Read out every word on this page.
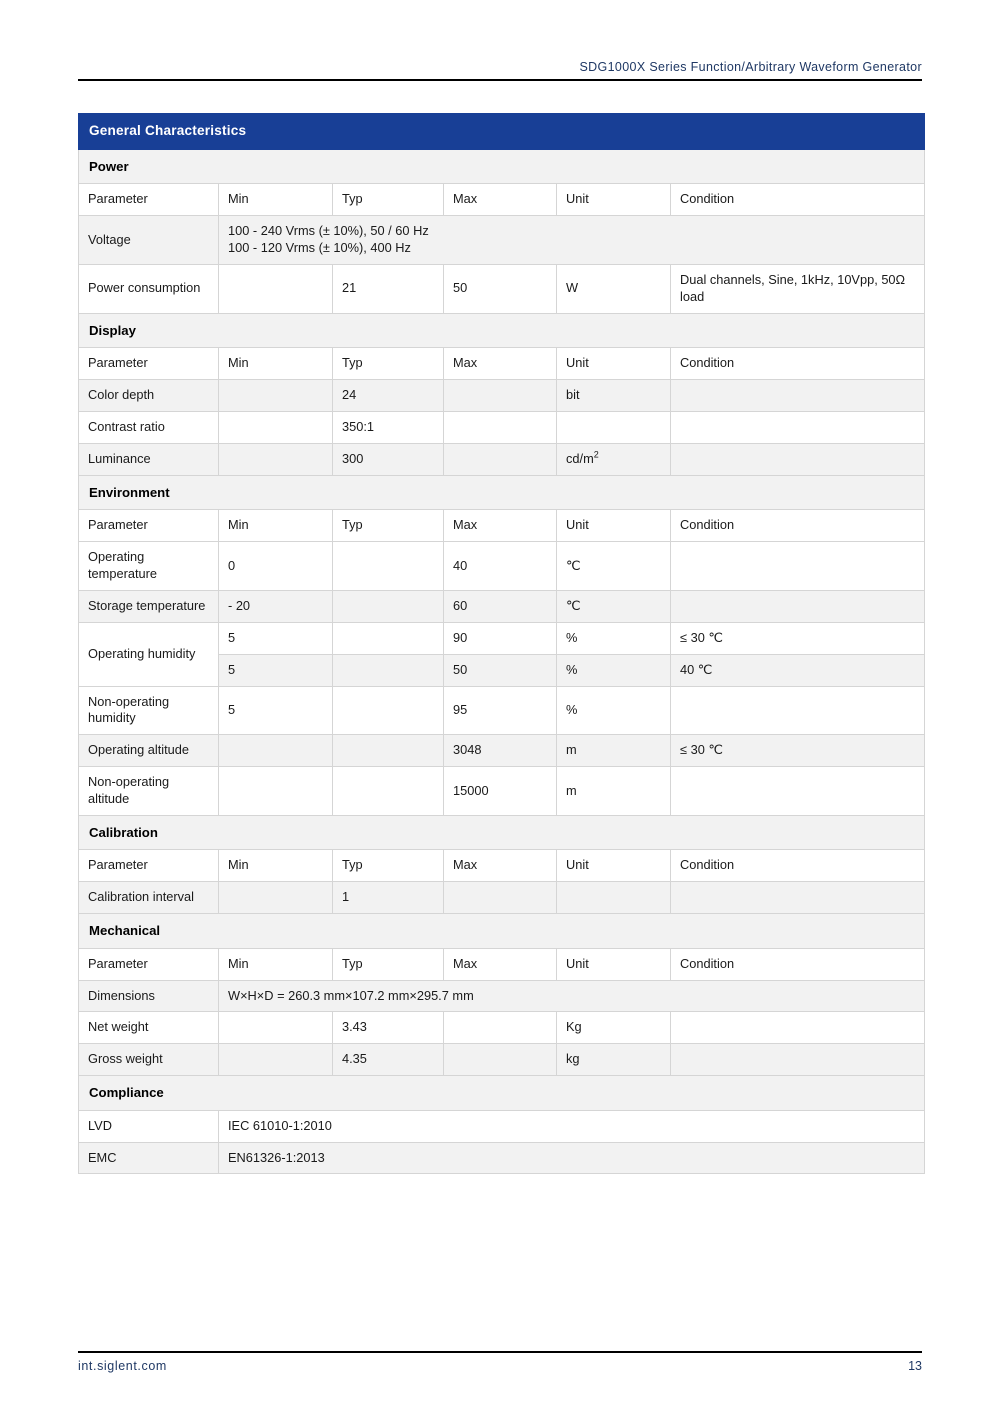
SDG1000X Series Function/Arbitrary Waveform Generator
General Characteristics					
Power					
Parameter	Min	Typ	Max	Unit	Condition
Voltage	100 - 240 Vrms (± 10%), 50 / 60 Hz
100 - 120 Vrms (± 10%), 400 Hz				

Power consumption		21	50	W	Dual channels, Sine, 1kHz, 10Vpp, 50Ω load
Display					
Parameter	Min	Typ	Max	Unit	Condition
Color depth		24		bit	
Contrast ratio		350:1			
Luminance		300		$cd/m^2$	
Environment					
Parameter	Min	Typ	Max	Unit	Condition
Operating temperature	0		40	℃	
Storage temperature	- 20		60	℃	
Operating humidity	5		90	%	≤ 30 ℃
	5		50	%	40 ℃
Non-operating humidity	5		95	%	
Operating altitude			3048	m	≤ 30 ℃
Non-operating altitude			15000	m	
Calibration					
Parameter	Min	Typ	Max	Unit	Condition
Calibration interval		1			
Mechanical					
Parameter	Min	Typ	Max	Unit	Condition
Dimensions	W×H×D = 260.3 mm×107.2 mm×295.7 mm				
Net weight		3.43		Kg	
Gross weight		4.35		kg	
Compliance					
LVD	IEC 61010-1:2010				
EMC	EN61326-1:2013				
int.siglent.com	13
